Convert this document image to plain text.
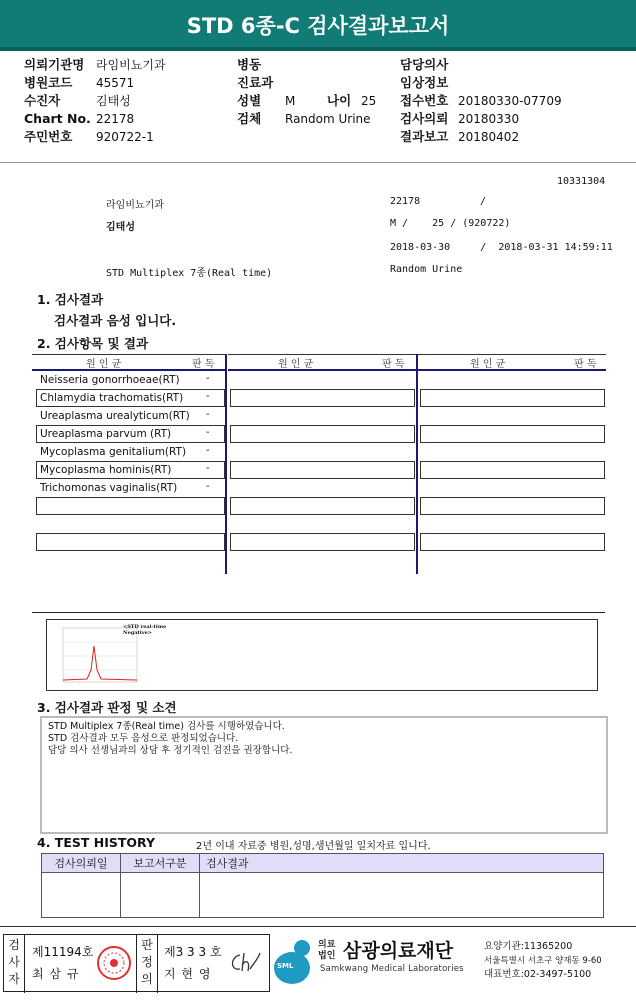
STD 6종-C 검사결과보고서
의뢰기관명 라임비뇨기과
병원코드 45571
수진자	김태성
Chart No. 22178
주민번호 920722-1
병동
진료과
성별 M	나이 25
검체 Random Urine
담당의사
임상정보
접수번호 20180330-07709
검사의뢰 20180330
결과보고 20180402
10331304
라임비뇨기과	22178	/
김태성	M /    25 / (920722)
2018-03-30     /  2018-03-31 14:59:11
STD Multiplex 7종(Real time)	Random Urine
1. 검사결과
검사결과 음성 입니다.
2. 검사항목 및 결과
원 인 균	판 독	원 인 균	판 독	원 인 균	판 독
Neisseria gonorrhoeae(RT)	-
Chlamydia trachomatis(RT) -
Ureaplasma urealyticum(RT) -
Ureaplasma parvum (RT)	-
Mycoplasma genitalium(RT) -
Mycoplasma hominis(RT)	-
Trichomonas vaginalis(RT)	-
<STD real-time
Negative>
3. 검사결과 판정 및 소견
STD Multiplex 7종(Real time) 검사를 시행하였습니다.
STD 검사결과 모두 음성으로 판정되었습니다.
담당 의사 선생님과의 상담 후 정기적인 검진을 권장합니다.
4. TEST HISTORY	2년 이내 자료중 병원,성명,생년월일 일치자료 입니다.
검사의뢰일	보고서구분	검사결과

검사자
제11194호
최 삼 규
판정의
제3 3 3 호
지 현 영
SML
의료법인 삼광의료재단
Samkwang Medical Laboratories
요양기관:11365200
서울특별시 서초구 양재동 9-60
대표번호:02-3497-5100
